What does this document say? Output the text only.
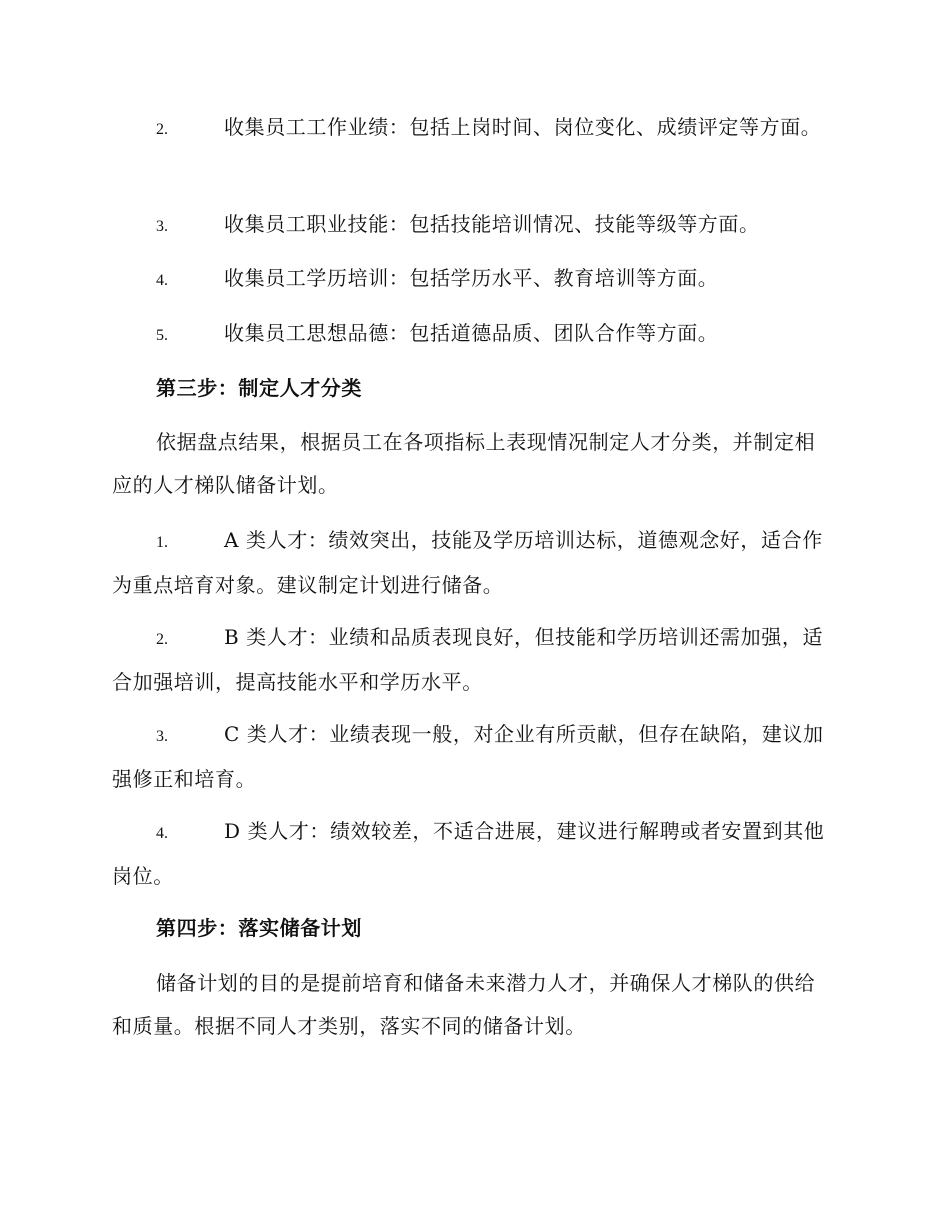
2.	收集员工工作业绩：包括上岗时间、岗位变化、成绩评定等方面。
3.	收集员工职业技能：包括技能培训情况、技能等级等方面。
4.	收集员工学历培训：包括学历水平、教育培训等方面。
5.	收集员工思想品德：包括道德品质、团队合作等方面。
第三步：制定人才分类
依据盘点结果，根据员工在各项指标上表现情况制定人才分类，并制定相应的人才梯队储备计划。
1.	A 类人才：绩效突出，技能及学历培训达标，道德观念好，适合作为重点培育对象。建议制定计划进行储备。
2.	B 类人才：业绩和品质表现良好，但技能和学历培训还需加强，适合加强培训，提高技能水平和学历水平。
3.	C 类人才：业绩表现一般，对企业有所贡献，但存在缺陷，建议加强修正和培育。
4.	D 类人才：绩效较差，不适合进展，建议进行解聘或者安置到其他岗位。
第四步：落实储备计划
储备计划的目的是提前培育和储备未来潜力人才，并确保人才梯队的供给和质量。根据不同人才类别，落实不同的储备计划。
